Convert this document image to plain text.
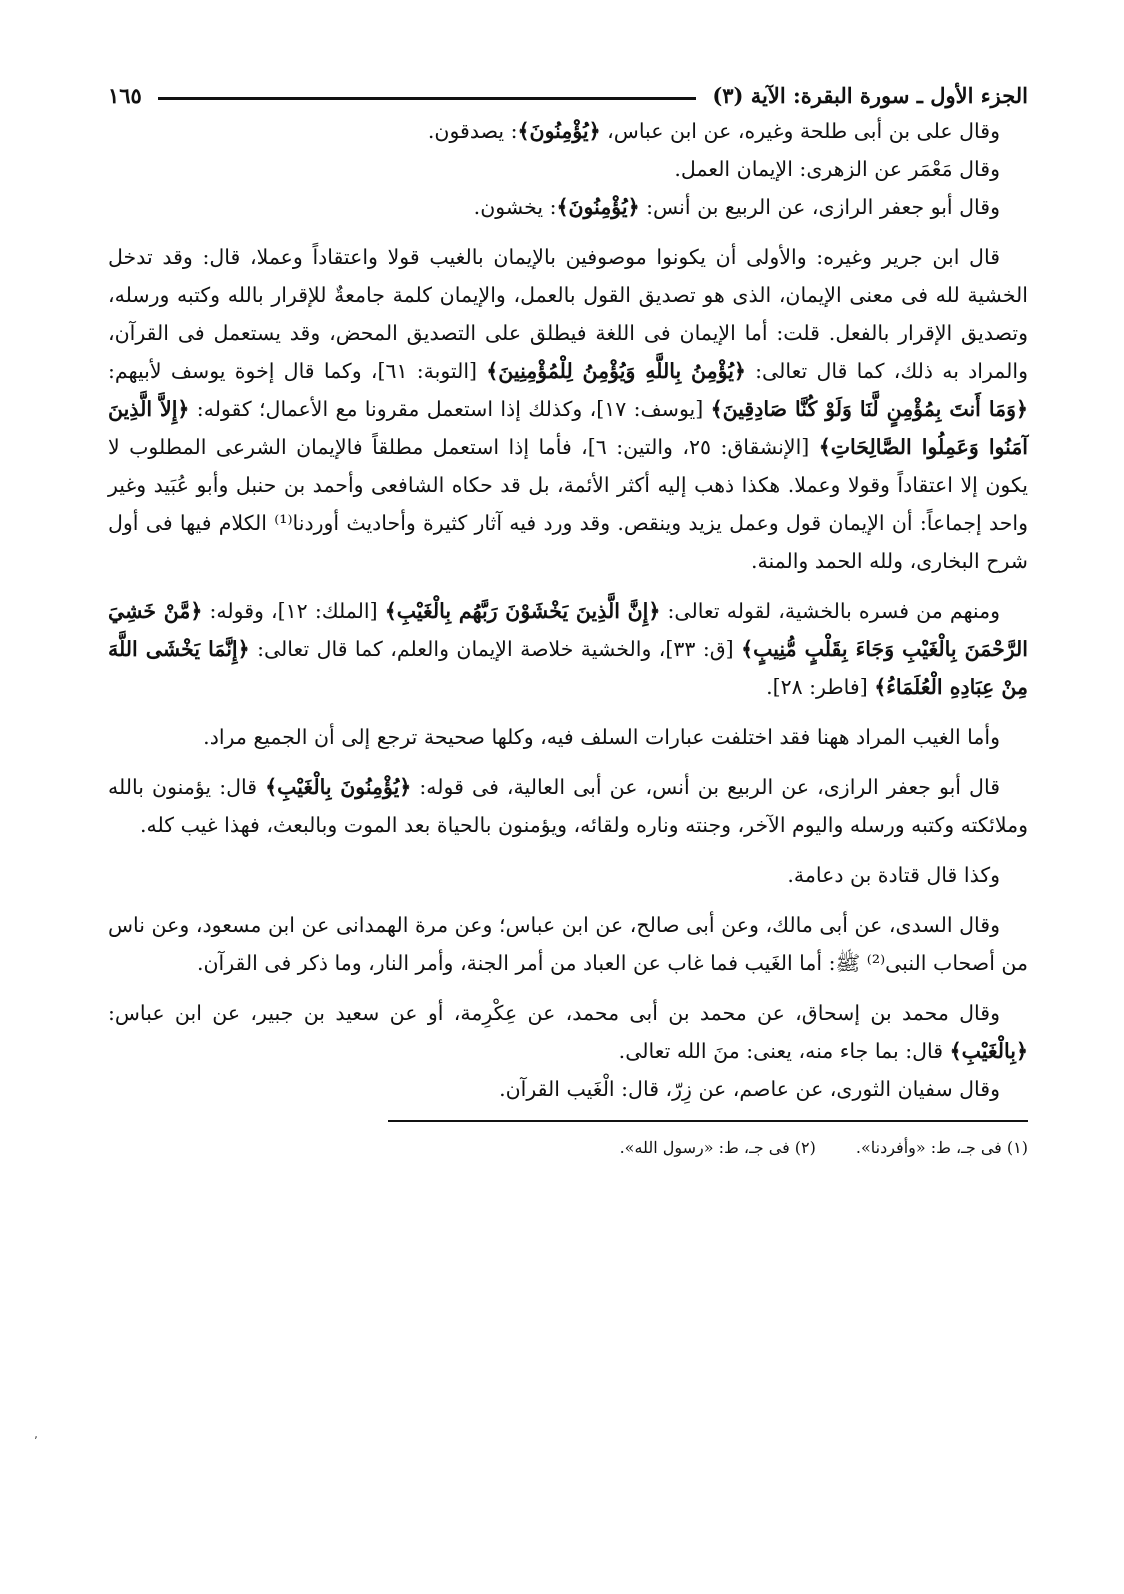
الجزء الأول ـ سورة البقرة: الآية (٣)
١٦٥

وقال على بن أبى طلحة وغيره، عن ابن عباس، ﴿يُؤْمِنُونَ﴾: يصدقون.

وقال مَعْمَر عن الزهرى: الإيمان العمل.

وقال أبو جعفر الرازى، عن الربيع بن أنس: ﴿يُؤْمِنُونَ﴾: يخشون.

قال ابن جرير وغيره: والأولى أن يكونوا موصوفين بالإيمان بالغيب قولا واعتقاداً وعملا، قال: وقد تدخل الخشية لله فى معنى الإيمان، الذى هو تصديق القول بالعمل، والإيمان كلمة جامعةٌ للإقرار بالله وكتبه ورسله، وتصديق الإقرار بالفعل. قلت: أما الإيمان فى اللغة فيطلق على التصديق المحض، وقد يستعمل فى القرآن، والمراد به ذلك، كما قال تعالى: ﴿يُؤْمِنُ بِاللَّهِ وَيُؤْمِنُ لِلْمُؤْمِنِينَ﴾ [التوبة: ٦١]، وكما قال إخوة يوسف لأبيهم: ﴿وَمَا أَنتَ بِمُؤْمِنٍ لَّنَا وَلَوْ كُنَّا صَادِقِينَ﴾ [يوسف: ١٧]، وكذلك إذا استعمل مقرونا مع الأعمال؛ كقوله: ﴿إِلاَّ الَّذِينَ آمَنُوا وَعَمِلُوا الصَّالِحَاتِ﴾ [الإنشقاق: ٢٥، والتين: ٦]، فأما إذا استعمل مطلقاً فالإيمان الشرعى المطلوب لا يكون إلا اعتقاداً وقولا وعملا. هكذا ذهب إليه أكثر الأئمة، بل قد حكاه الشافعى وأحمد بن حنبل وأبو عُبَيد وغير واحد إجماعاً: أن الإيمان قول وعمل يزيد وينقص. وقد ورد فيه آثار كثيرة وأحاديث أوردنا⁽¹⁾ الكلام فيها فى أول شرح البخارى، ولله الحمد والمنة.

ومنهم من فسره بالخشية، لقوله تعالى: ﴿إِنَّ الَّذِينَ يَخْشَوْنَ رَبَّهُم بِالْغَيْبِ﴾ [الملك: ١٢]، وقوله: ﴿مَّنْ خَشِيَ الرَّحْمَنَ بِالْغَيْبِ وَجَاءَ بِقَلْبٍ مُّنِيبٍ﴾ [ق: ٣٣]، والخشية خلاصة الإيمان والعلم، كما قال تعالى: ﴿إِنَّمَا يَخْشَى اللَّهَ مِنْ عِبَادِهِ الْعُلَمَاءُ﴾ [فاطر: ٢٨].

وأما الغيب المراد ههنا فقد اختلفت عبارات السلف فيه، وكلها صحيحة ترجع إلى أن الجميع مراد.

قال أبو جعفر الرازى، عن الربيع بن أنس، عن أبى العالية، فى قوله: ﴿يُؤْمِنُونَ بِالْغَيْبِ﴾ قال: يؤمنون بالله وملائكته وكتبه ورسله واليوم الآخر، وجنته وناره ولقائه، ويؤمنون بالحياة بعد الموت وبالبعث، فهذا غيب كله.

وكذا قال قتادة بن دعامة.

وقال السدى، عن أبى مالك، وعن أبى صالح، عن ابن عباس؛ وعن مرة الهمدانى عن ابن مسعود، وعن ناس من أصحاب النبى⁽²⁾ ﷺ: أما الغَيب فما غاب عن العباد من أمر الجنة، وأمر النار، وما ذكر فى القرآن.

وقال محمد بن إسحاق، عن محمد بن أبى محمد، عن عِكْرِمة، أو عن سعيد بن جبير، عن ابن عباس: ﴿بِالْغَيْبِ﴾ قال: بما جاء منه، يعنى: منَ الله تعالى.

وقال سفيان الثورى، عن عاصم، عن زِرّ، قال: الْغَيب القرآن.

(١) فى جـ، ط: «وأفردنا».
(٢) فى جـ، ط: «رسول الله».
٬
